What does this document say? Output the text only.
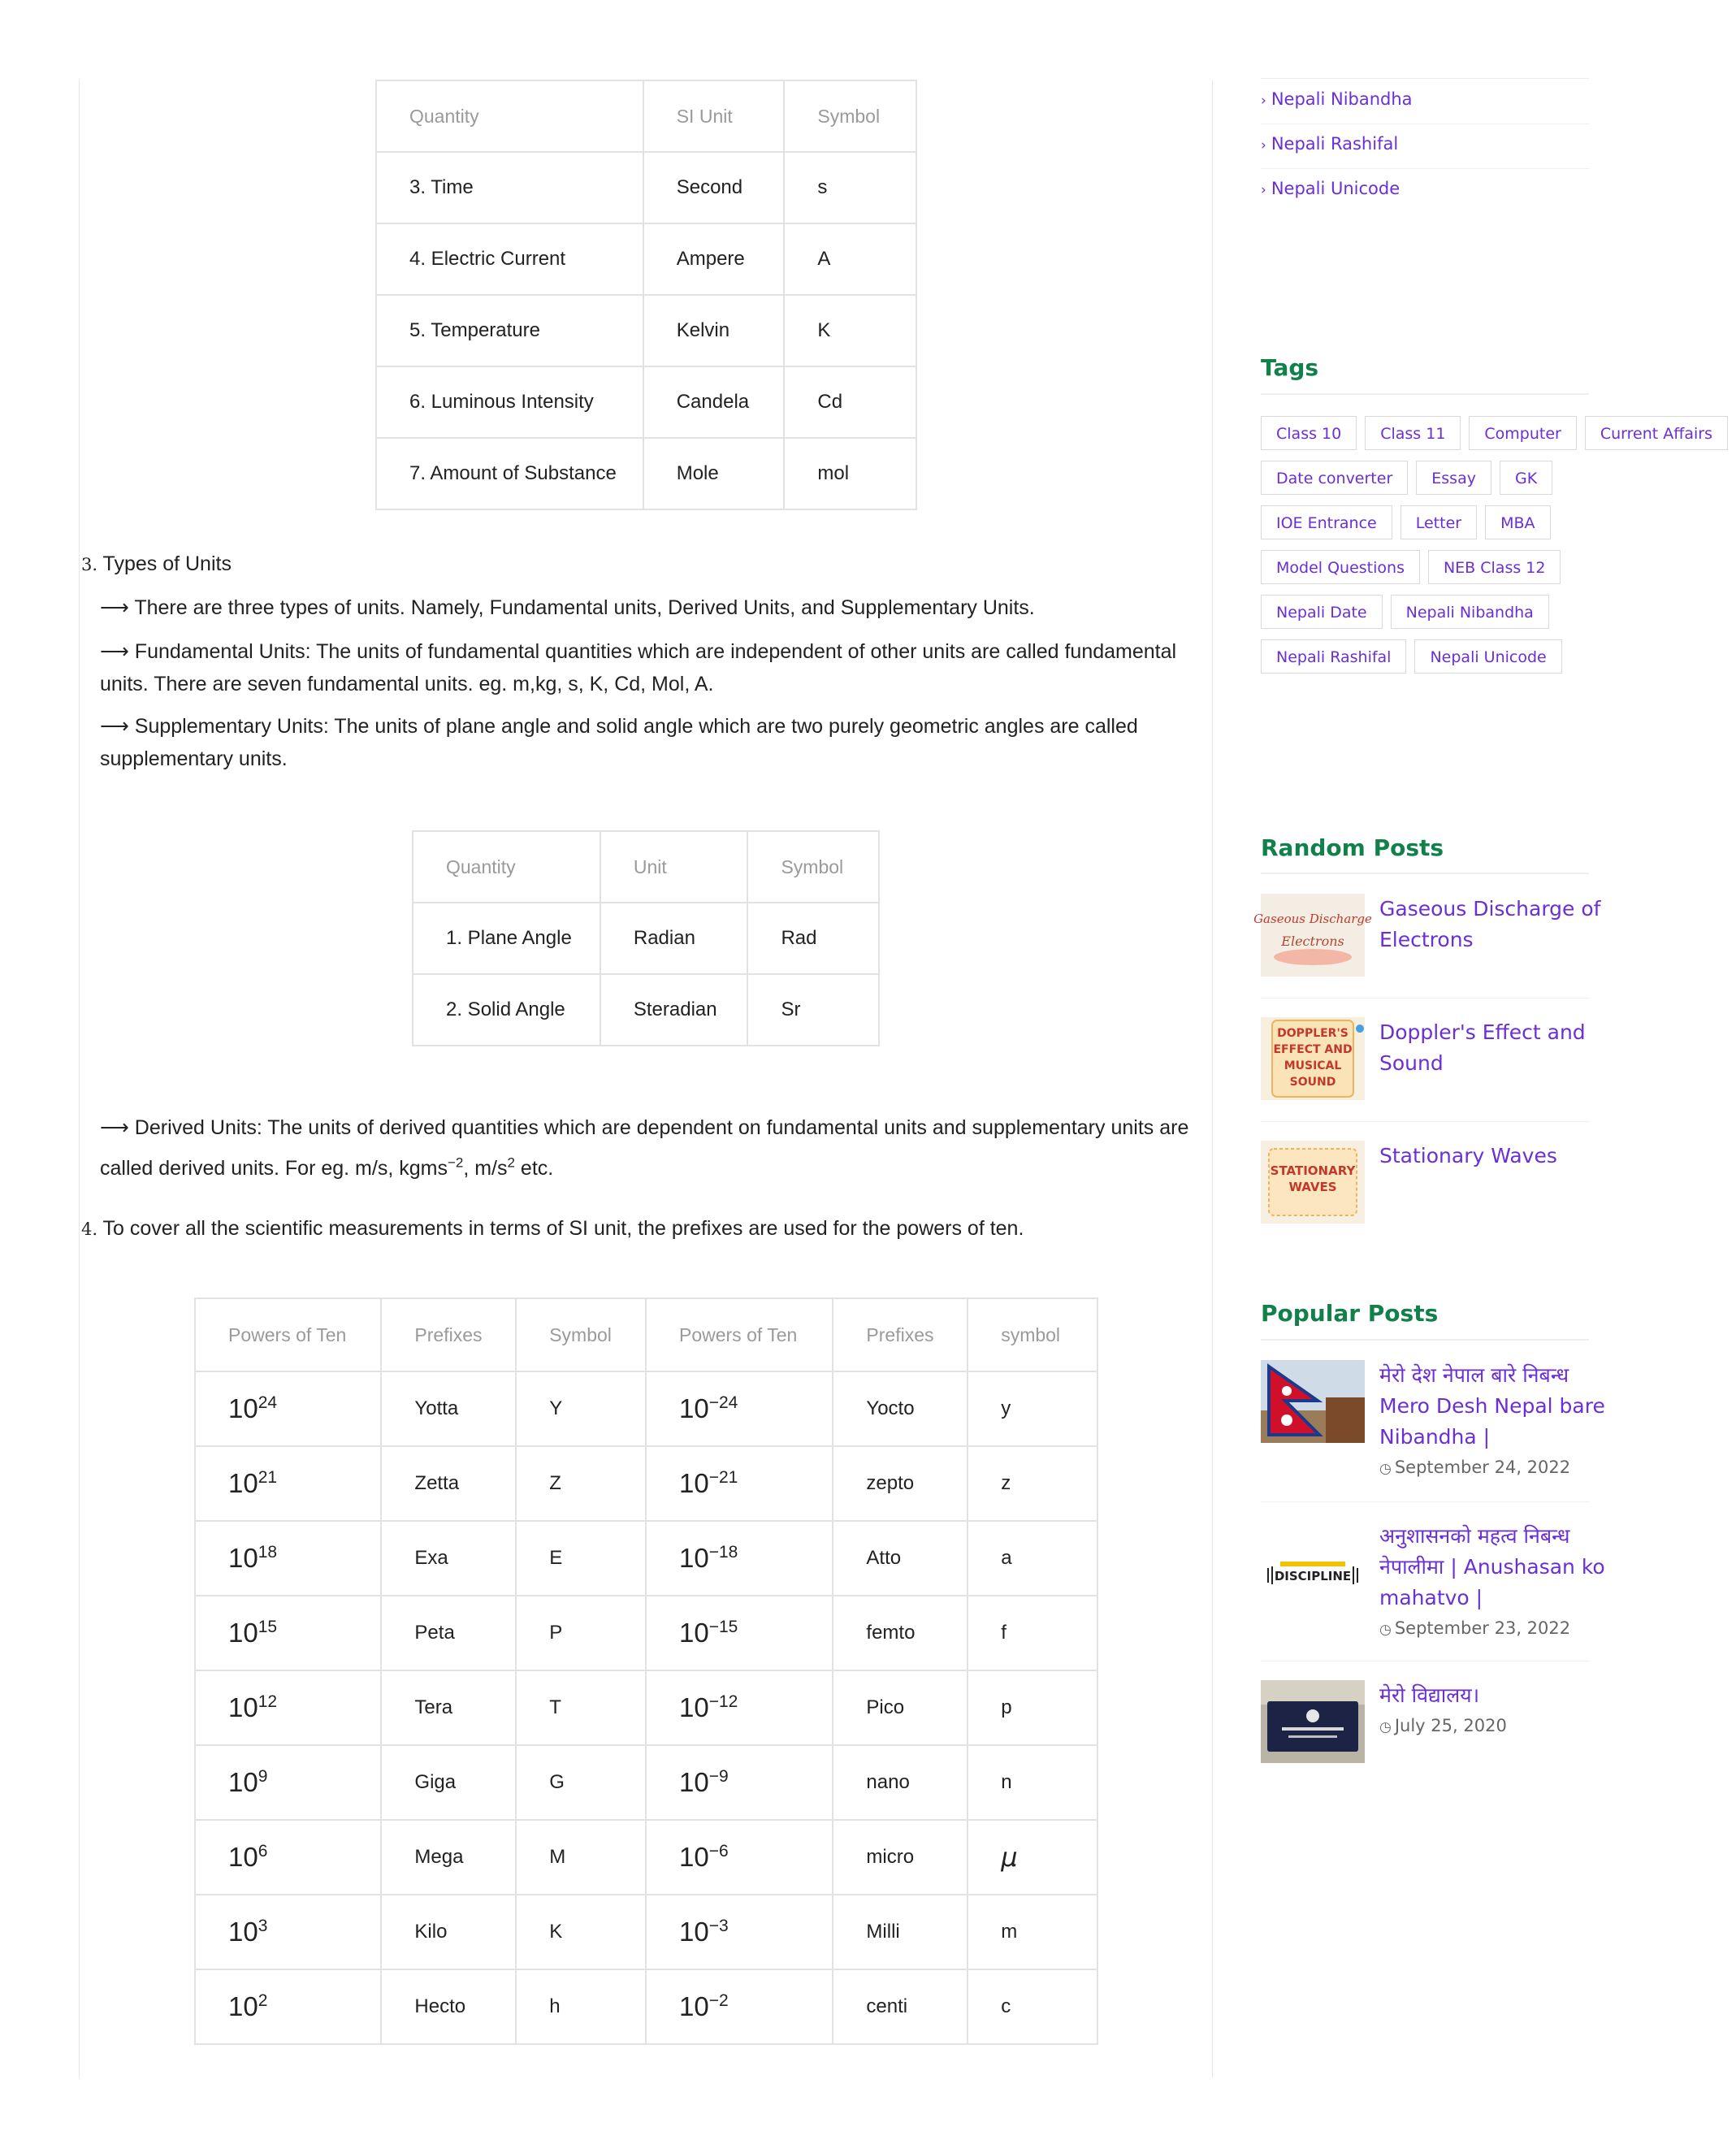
Quantity	SI Unit	Symbol
3. Time	Second	s
4. Electric Current	Ampere	A
5. Temperature	Kelvin	K
6. Luminous Intensity	Candela	Cd
7. Amount of Substance	Mole	mol
3. Types of Units
⟶ There are three types of units. Namely, Fundamental units, Derived Units, and Supplementary Units.
⟶ Fundamental Units: The units of fundamental quantities which are independent of other units are called fundamental
units. There are seven fundamental units. eg. m,kg, s, K, Cd, Mol, A.
⟶ Supplementary Units: The units of plane angle and solid angle which are two purely geometric angles are called
supplementary units.
Quantity	Unit	Symbol
1. Plane Angle	Radian	Rad
2. Solid Angle	Steradian	Sr
⟶ Derived Units: The units of derived quantities which are dependent on fundamental units and supplementary units are
called derived units. For eg. m/s, kgms$^{-2}$, $m/s^2$ etc.
4. To cover all the scientific measurements in terms of SI unit, the prefixes are used for the powers of ten.
Powers of Ten	Prefixes	Symbol	Powers of Ten	Prefixes	symbol
$10^{24}$	Yotta	Y	$10^{-24}$	Yocto	y
$10^{21}$	Zetta	Z	$10^{-21}$	zepto	z
$10^{18}$	Exa	E	$10^{-18}$	Atto	a
$10^{15}$	Peta	P	$10^{-15}$	femto	f
$10^{12}$	Tera	T	$10^{-12}$	Pico	p
$10^9$	Giga	G	$10^{-9}$	nano	n
$10^6$	Mega	M	$10^{-6}$	micro	μ
$10^3$	Kilo	K	$10^{-3}$	Milli	m
$10^2$	Hecto	h	$10^{-2}$	centi	c
› Nepali Nibandha
› Nepali Rashifal
› Nepali Unicode
Tags
Class 10	Class 11	Computer	Current Affairs
Date converter	Essay	GK
IOE Entrance	Letter	MBA
Model Questions	NEB Class 12
Nepali Date	Nepali Nibandha
Nepali Rashifal	Nepali Unicode
Random Posts
Gaseous Discharge
Electrons
Gaseous Discharge of
Electrons
DOPPLER'S
EFFECT AND
MUSICAL
SOUND
Doppler's Effect and
Sound
STATIONARY
WAVES
Stationary Waves
Popular Posts
मेरो देश नेपाल बारे निबन्ध
Mero Desh Nepal bare
Nibandha |
◷ September 24, 2022
DISCIPLINE
अनुशासनको महत्व निबन्ध
नेपालीमा | Anushasan ko
mahatvo |
◷ September 23, 2022
मेरो विद्यालय।
◷ July 25, 2020
